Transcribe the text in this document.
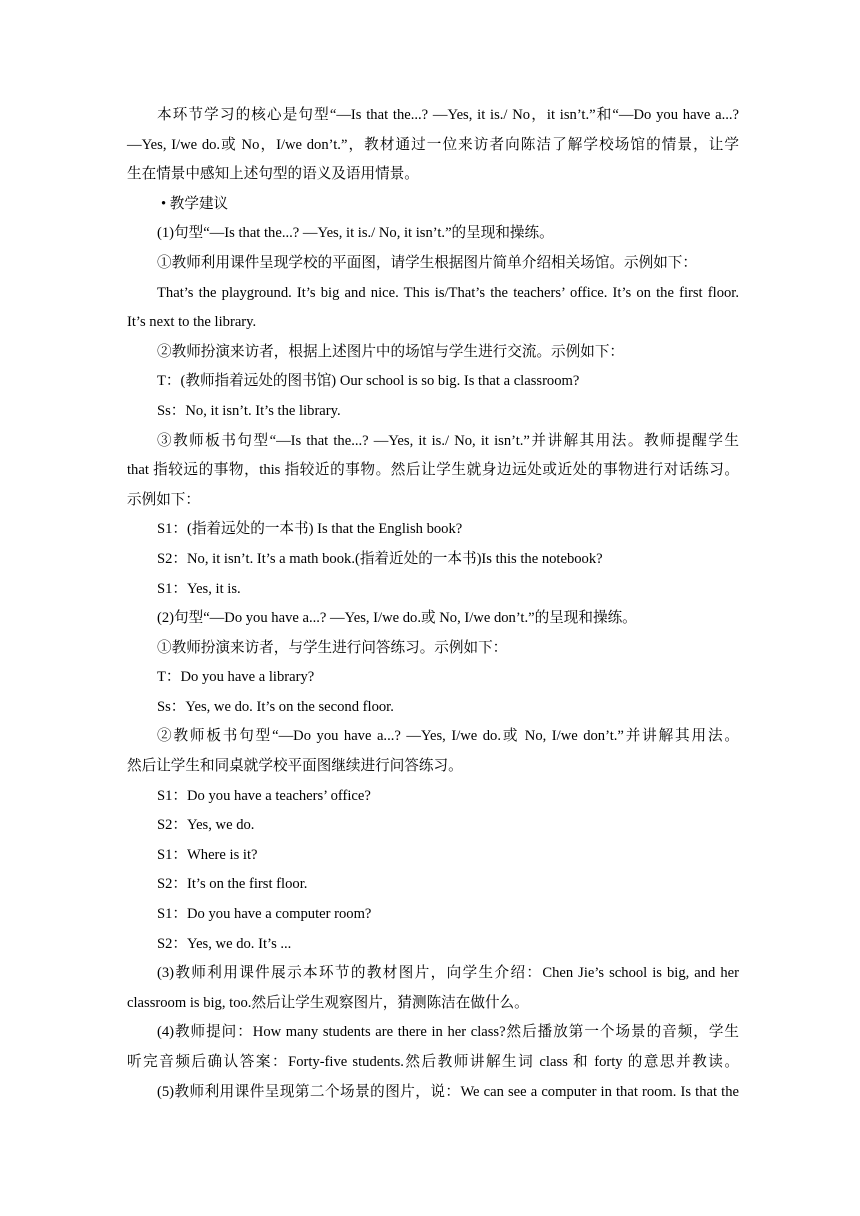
本环节学习的核心是句型“—Is that the...? —Yes, it is./ No，it isn’t.”和“—Do you have a...?
—Yes, I/we do.或 No，I/we don’t.”，教材通过一位来访者向陈洁了解学校场馆的情景，让学
生在情景中感知上述句型的语义及语用情景。
• 教学建议
(1)句型“—Is that the...? —Yes, it is./ No, it isn’t.”的呈现和操练。
①教师利用课件呈现学校的平面图，请学生根据图片简单介绍相关场馆。示例如下：
That’s the playground. It’s big and nice. This is/That’s the teachers’ office. It’s on the first floor.
It’s next to the library.
②教师扮演来访者，根据上述图片中的场馆与学生进行交流。示例如下：
T：(教师指着远处的图书馆) Our school is so big. Is that a classroom?
Ss：No, it isn’t. It’s the library.
③教师板书句型“—Is that the...? —Yes, it is./ No, it isn’t.”并讲解其用法。教师提醒学生
that 指较远的事物，this 指较近的事物。然后让学生就身边远处或近处的事物进行对话练习。
示例如下：
S1：(指着远处的一本书) Is that the English book?
S2：No, it isn’t. It’s a math book.(指着近处的一本书)Is this the notebook?
S1：Yes, it is.
(2)句型“—Do you have a...? —Yes, I/we do.或 No, I/we don’t.”的呈现和操练。
①教师扮演来访者，与学生进行问答练习。示例如下：
T：Do you have a library?
Ss：Yes, we do. It’s on the second floor.
②教师板书句型“—Do you have a...? —Yes, I/we do.或 No, I/we don’t.”并讲解其用法。
然后让学生和同桌就学校平面图继续进行问答练习。
S1：Do you have a teachers’ office?
S2：Yes, we do.
S1：Where is it?
S2：It’s on the first floor.
S1：Do you have a computer room?
S2：Yes, we do. It’s ...
(3)教师利用课件展示本环节的教材图片，向学生介绍：Chen Jie’s school is big, and her
classroom is big, too.然后让学生观察图片，猜测陈洁在做什么。
(4)教师提问：How many students are there in her class?然后播放第一个场景的音频，学生
听完音频后确认答案：Forty-five students.然后教师讲解生词 class 和 forty 的意思并教读。
(5)教师利用课件呈现第二个场景的图片，说：We can see a computer in that room. Is that the
